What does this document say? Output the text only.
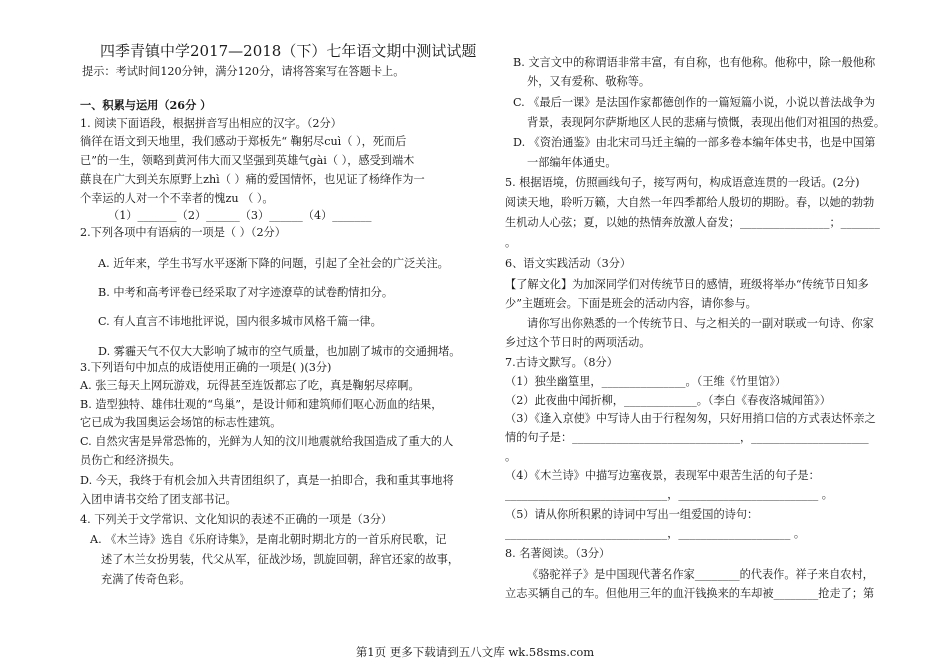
四季青镇中学2017—2018（下）七年语文期中测试试题
提示：考试时间120分钟，满分120分，请将答案写在答题卡上。
一、积累与运用（26分 ）
1. 阅读下面语段，根据拼音写出相应的汉字。（2分）
徜徉在语文到天地里，我们感动于郑板先“ 鞠躬尽cuì（ ），死而后
已”的一生，领略到黄河伟大而又坚强到英雄气gài（ ），感受到端木
蕻良在广大到关东原野上zhì（ ）痛的爱国情怀，也见证了杨绛作为一
个幸运的人对一个不幸者的愧zu （ ）。
（1）_______（2）______（3）______（4）_______
2.下列各项中有语病的一项是（ ）（2分）
A. 近年来，学生书写水平逐渐下降的问题，引起了全社会的广泛关注。
B. 中考和高考评卷已经采取了对字迹潦草的试卷酌情扣分。
C. 有人直言不讳地批评说，国内很多城市风格千篇一律。
D. 雾霾天气不仅大大影响了城市的空气质量，也加剧了城市的交通拥堵。
3.下列语句中加点的成语使用正确的一项是( )(3分)
A. 张三每天上网玩游戏，玩得甚至连饭都忘了吃，真是鞠躬尽瘁啊。
B. 造型独特、雄伟壮观的“鸟巢”，是设计师和建筑师们呕心沥血的结果，
它已成为我国奥运会场馆的标志性建筑。
C. 自然灾害是异常恐怖的，光鲜为人知的汶川地震就给我国造成了重大的人
员伤亡和经济损失。
D. 今天，我终于有机会加入共青团组织了，真是一拍即合，我和重其事地将
入团申请书交给了团支部书记。
4. 下列关于文学常识、文化知识的表述不正确的一项是（3分）
A. 《木兰诗》选自《乐府诗集》，是南北朝时期北方的一首乐府民歌，记
述了木兰女扮男装，代父从军，征战沙场，凯旋回朝，辞官还家的故事，
充满了传奇色彩。
B. 文言文中的称谓语非常丰富，有自称，也有他称。他称中，除一般他称
外，又有爱称、敬称等。
C. 《最后一课》是法国作家都德创作的一篇短篇小说，小说以普法战争为
背景，表现阿尔萨斯地区人民的悲痛与愤慨，表现出他们对祖国的热爱。
D. 《资治通鉴》由北宋司马迁主编的一部多卷本编年体史书，也是中国第
一部编年体通史。
5. 根据语境，仿照画线句子，接写两句，构成语意连贯的一段话。(2分)
阅读天地，聆听万籁，大自然一年四季都给人殷切的期盼。春，以她的勃勃
生机动人心弦；夏，以她的热情奔放激人奋发；________________；_______
。
6、语文实践活动（3分）
【了解文化】为加深同学们对传统节日的感情，班级将举办“传统节日知多
少”主题班会。下面是班会的活动内容，请你参与。
请你写出你熟悉的一个传统节日、与之相关的一副对联或一句诗、你家
乡过这个节日时的两项活动。
7.古诗文默写。（8分）
（1）独坐幽篁里，_______________。（王维《竹里馆》）
（2）此夜曲中闻折柳，_____________。（李白《春夜洛城闻笛》）
（3）《逢入京使》中写诗人由于行程匆匆，只好用捎口信的方式表达怀亲之
情的句子是：______________________________，_____________________
。
（4）《木兰诗》中描写边塞夜景，表现军中艰苦生活的句子是：
_____________________________，_________________________ 。
（5）请从你所积累的诗词中写出一组爱国的诗句：
_____________________________，____________________ 。
8. 名著阅读。（3分）
《骆驼祥子》是中国现代著名作家________的代表作。祥子来自农村，
立志买辆自己的车。但他用三年的血汗钱换来的车却被________抢走了；第
第1页 更多下载请到五八文库 wk.58sms.com
